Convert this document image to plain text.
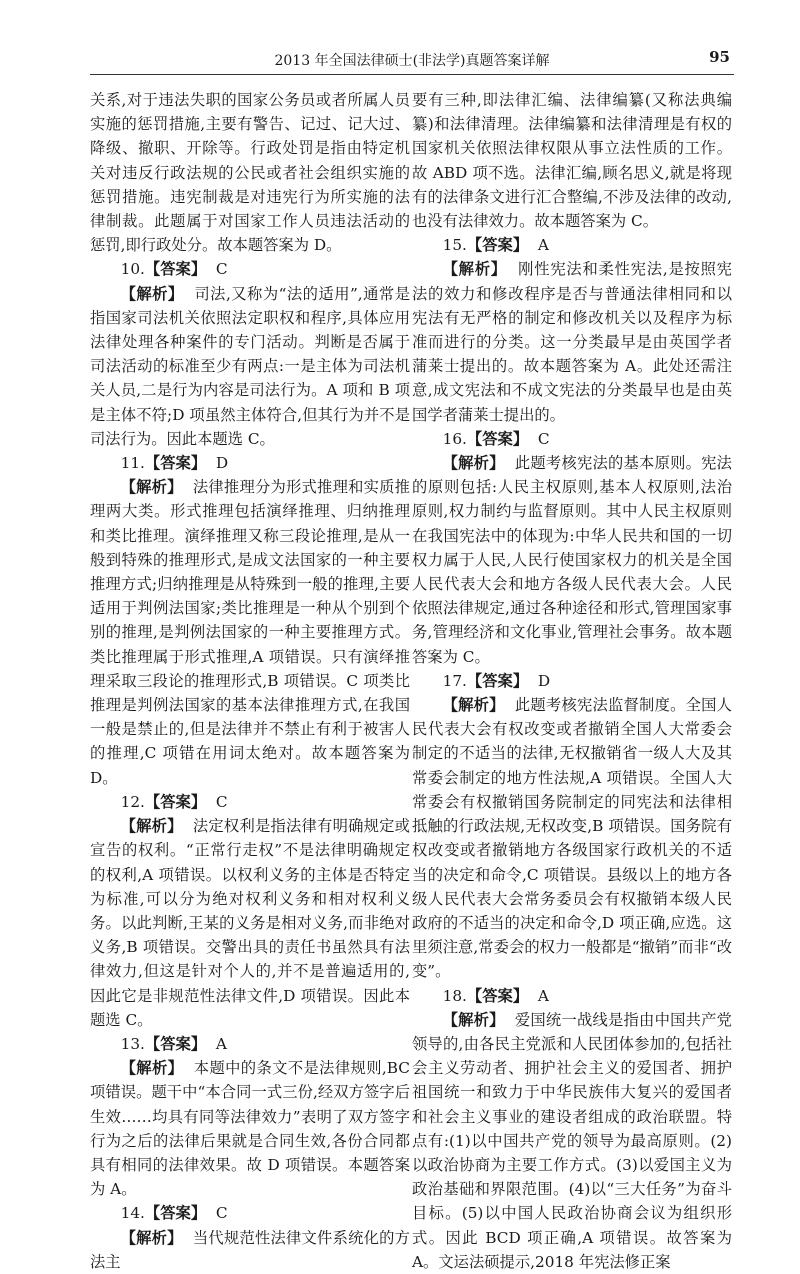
2013 年全国法律硕士(非法学)真题答案详解	95

关系,对于违法失职的国家公务员或者所属人员实施的惩罚措施,主要有警告、记过、记大过、降级、撤职、开除等。行政处罚是指由特定机关对违反行政法规的公民或者社会组织实施的惩罚措施。违宪制裁是对违宪行为所实施的法律制裁。此题属于对国家工作人员违法活动的惩罚,即行政处分。故本题答案为 D。

10.【答案】 C

【解析】 司法,又称为“法的适用”,通常是指国家司法机关依照法定职权和程序,具体应用法律处理各种案件的专门活动。判断是否属于司法活动的标准至少有两点:一是主体为司法机关人员,二是行为内容是司法行为。A 项和 B 项是主体不符;D 项虽然主体符合,但其行为并不是司法行为。因此本题选 C。

11.【答案】 D

【解析】 法律推理分为形式推理和实质推理两大类。形式推理包括演绎推理、归纳推理和类比推理。演绎推理又称三段论推理,是从一般到特殊的推理形式,是成文法国家的一种主要推理方式;归纳推理是从特殊到一般的推理,主要适用于判例法国家;类比推理是一种从个别到个别的推理,是判例法国家的一种主要推理方式。类比推理属于形式推理,A 项错误。只有演绎推理采取三段论的推理形式,B 项错误。C 项类比推理是判例法国家的基本法律推理方式,在我国一般是禁止的,但是法律并不禁止有利于被害人的推理,C 项错在用词太绝对。故本题答案为 D。

12.【答案】 C

【解析】 法定权利是指法律有明确规定或宣告的权利。“正常行走权”不是法律明确规定的权利,A 项错误。以权利义务的主体是否特定为标准,可以分为绝对权利义务和相对权利义务。以此判断,王某的义务是相对义务,而非绝对义务,B 项错误。交警出具的责任书虽然具有法律效力,但这是针对个人的,并不是普遍适用的,因此它是非规范性法律文件,D 项错误。因此本题选 C。

13.【答案】 A

【解析】 本题中的条文不是法律规则,BC 项错误。题干中“本合同一式三份,经双方签字后生效……均具有同等法律效力”表明了双方签字行为之后的法律后果就是合同生效,各份合同都具有相同的法律效果。故 D 项错误。本题答案为 A。

14.【答案】 C

【解析】 当代规范性法律文件系统化的方法主

要有三种,即法律汇编、法律编纂(又称法典编纂)和法律清理。法律编纂和法律清理是有权的国家机关依照法律权限从事立法性质的工作。故 ABD 项不选。法律汇编,顾名思义,就是将现有的法律条文进行汇合整编,不涉及法律的改动,也没有法律效力。故本题答案为 C。

15.【答案】 A

【解析】 刚性宪法和柔性宪法,是按照宪法的效力和修改程序是否与普通法律相同和以宪法有无严格的制定和修改机关以及程序为标准而进行的分类。这一分类最早是由英国学者蒲莱士提出的。故本题答案为 A。此处还需注意,成文宪法和不成文宪法的分类最早也是由英国学者蒲莱士提出的。

16.【答案】 C

【解析】 此题考核宪法的基本原则。宪法的原则包括:人民主权原则,基本人权原则,法治原则,权力制约与监督原则。其中人民主权原则在我国宪法中的体现为:中华人民共和国的一切权力属于人民,人民行使国家权力的机关是全国人民代表大会和地方各级人民代表大会。人民依照法律规定,通过各种途径和形式,管理国家事务,管理经济和文化事业,管理社会事务。故本题答案为 C。

17.【答案】 D

【解析】 此题考核宪法监督制度。全国人民代表大会有权改变或者撤销全国人大常委会制定的不适当的法律,无权撤销省一级人大及其常委会制定的地方性法规,A 项错误。全国人大常委会有权撤销国务院制定的同宪法和法律相抵触的行政法规,无权改变,B 项错误。国务院有权改变或者撤销地方各级国家行政机关的不适当的决定和命令,C 项错误。县级以上的地方各级人民代表大会常务委员会有权撤销本级人民政府的不适当的决定和命令,D 项正确,应选。这里须注意,常委会的权力一般都是“撤销”而非“改变”。

18.【答案】 A

【解析】 爱国统一战线是指由中国共产党领导的,由各民主党派和人民团体参加的,包括社会主义劳动者、拥护社会主义的爱国者、拥护祖国统一和致力于中华民族伟大复兴的爱国者和社会主义事业的建设者组成的政治联盟。特点有:(1)以中国共产党的领导为最高原则。(2)以政治协商为主要工作方式。(3)以爱国主义为政治基础和界限范围。(4)以“三大任务”为奋斗目标。(5)以中国人民政治协商会议为组织形式。因此 BCD 项正确,A 项错误。故答案为 A。文运法硕提示,2018 年宪法修正案
